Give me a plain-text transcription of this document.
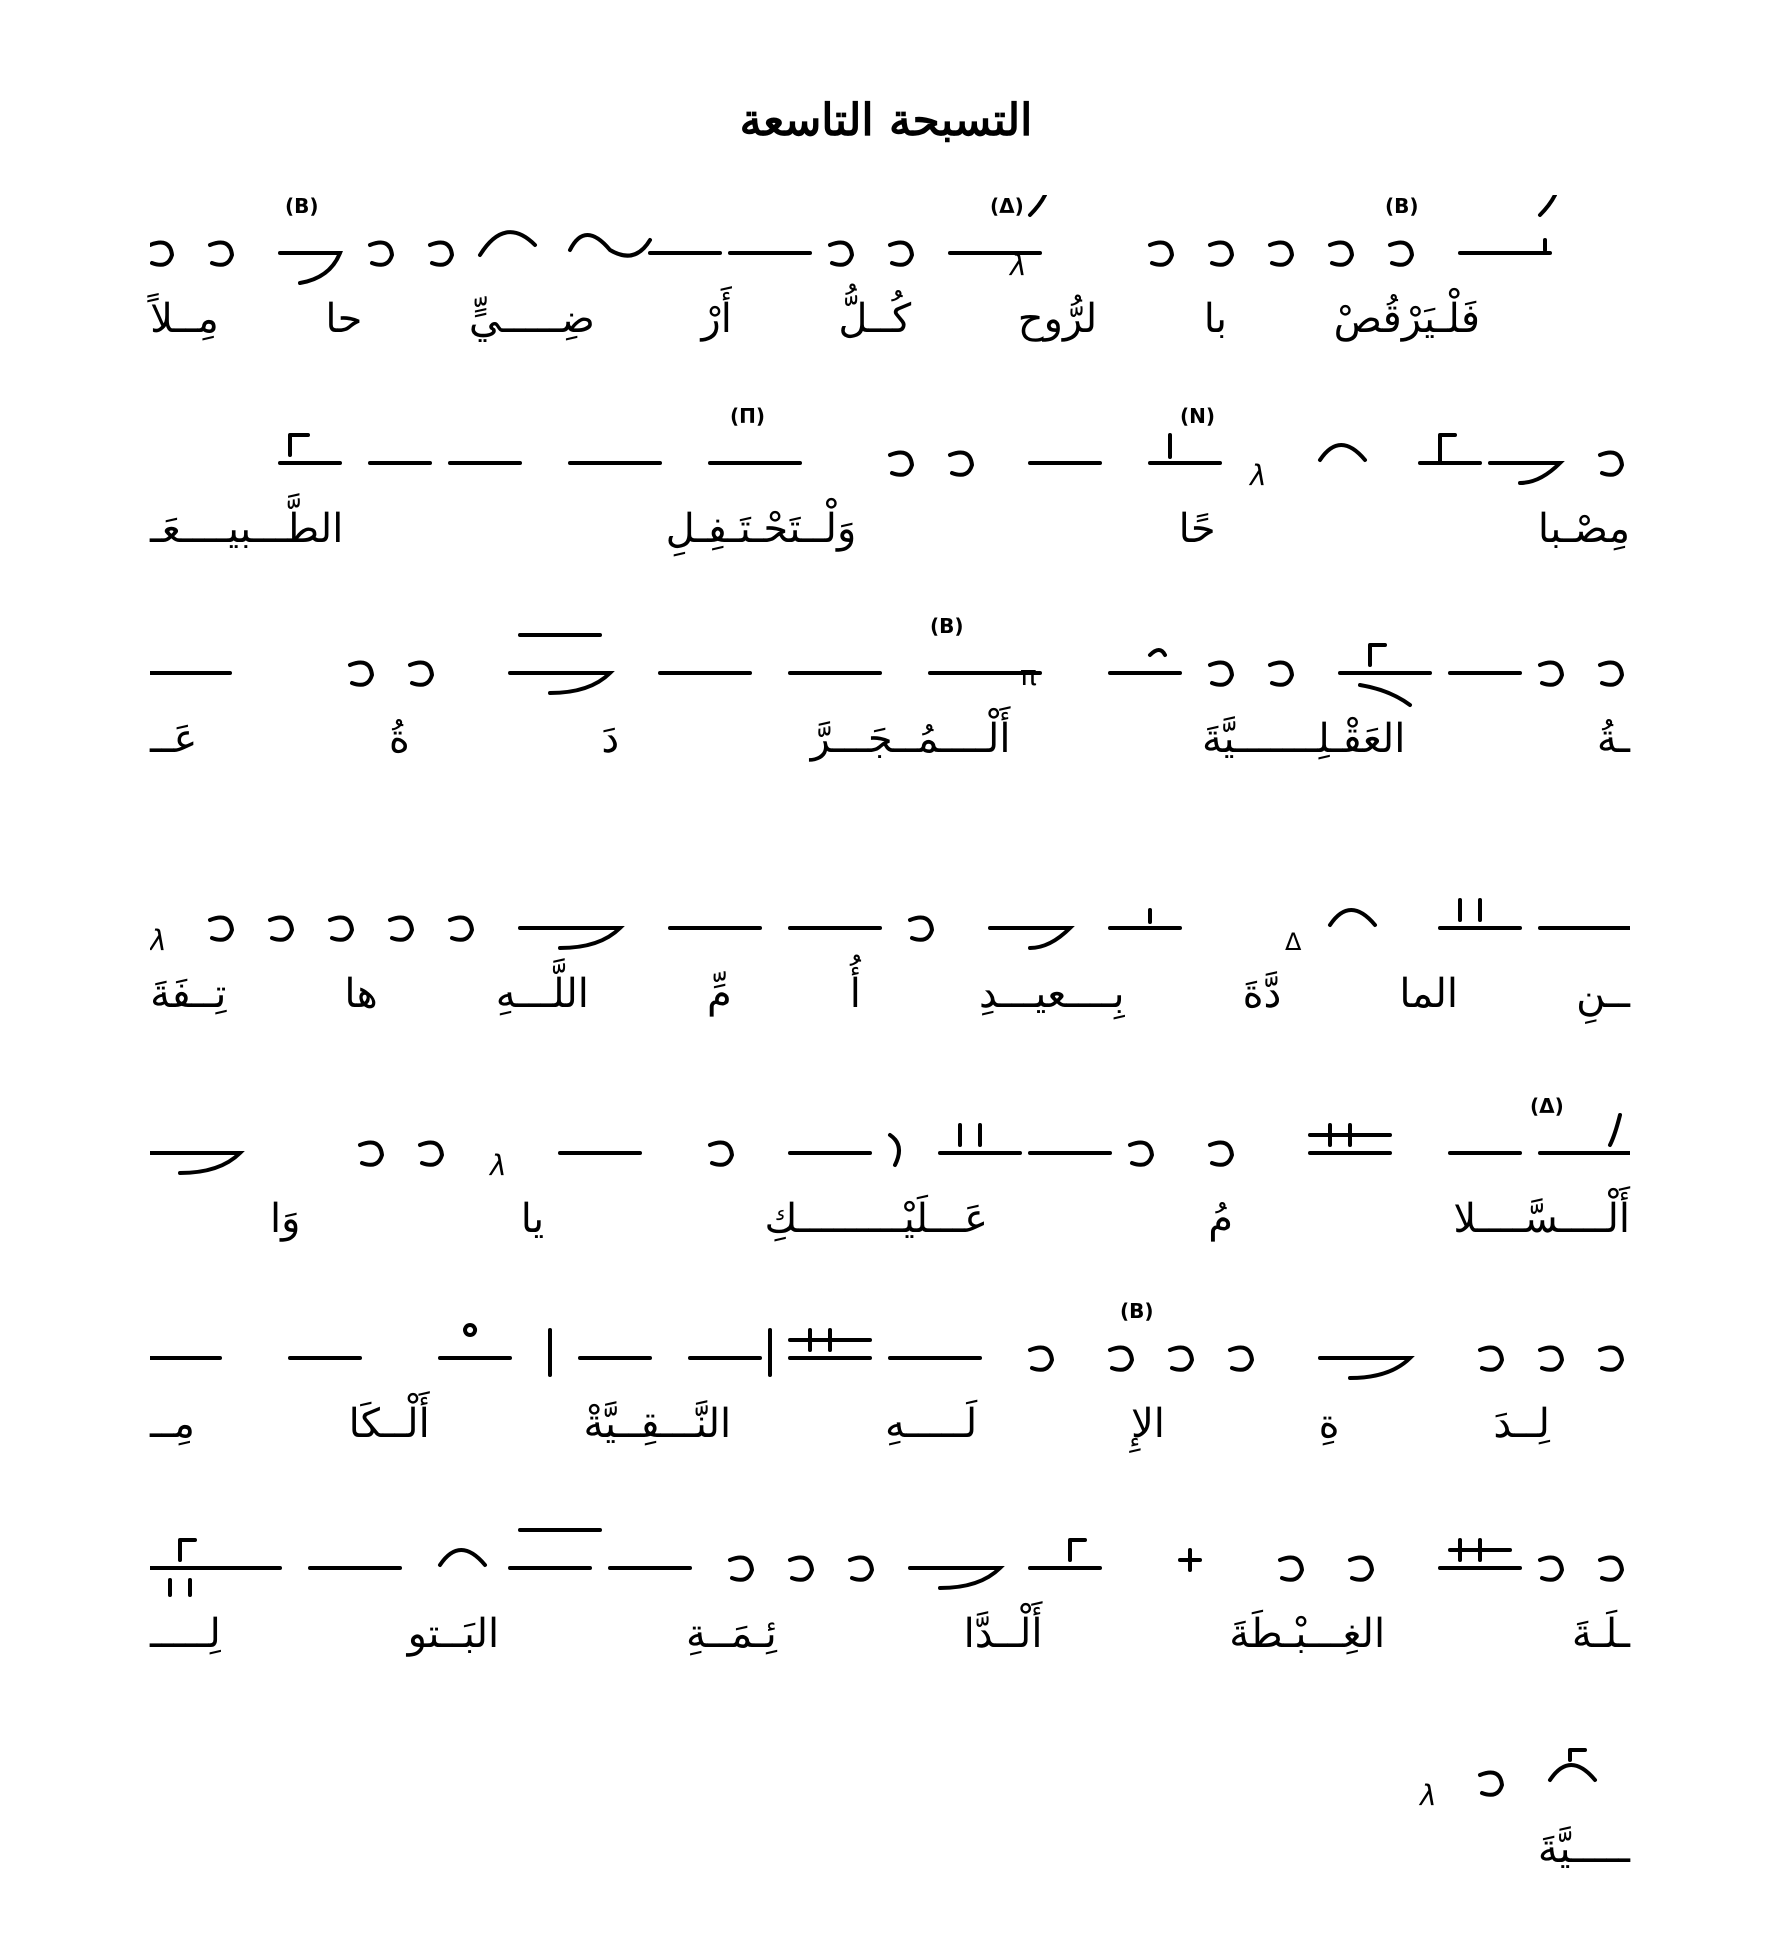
التسبحة التاسعة
(B)
(Δ)
(B)
λ
فَلْـيَرْقُصْ
با
لرُّوح
كُــلُّ
أَرْ
ضِـــــيٍّ
حا
مِــلاً
(N)
(Π)
λ
مِصْـبا
حًا
وَلْــتَحْـتَـفِـلِ
الطَّـــبيــــعَـ
(B)
π
ـةُ
العَقْـلِـــــــيَّةَ
أَلْــــمُــجَـــرَّ
دَ
ةُ
عَــ
λ	Δ
ــنِ
الما
دَّةَ
بِــــعيـــدِ
أُ
مِّ
اللَّـــهِ
ها
تِــفَةَ
(Δ)
λ
أَلْــــسَّــــلا
مُ
عَـــلَيْـــــــــكِ
يا
وَا
(B)
لِــدَ
ةِ
الإِ
لَـــــهِ
النَّـــقِــيَّةْ
أَلْــكَا
مِــ
ـلَـةَ
الغِـــبْـطَةَ
أَلْــدَّا
ئِـمَــةِ
البَــتو
لِـــــ
λ
ـــــيَّةَ
